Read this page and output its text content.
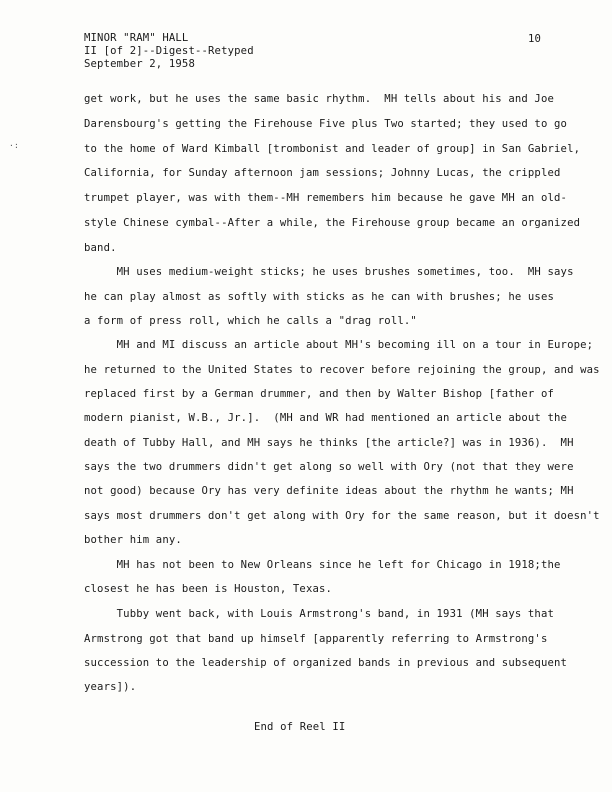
MINOR "RAM" HALL
II [of 2]--Digest--Retyped
September 2, 1958
10
·:
get work, but he uses the same basic rhythm.  MH tells about his and Joe
Darensbourg's getting the Firehouse Five plus Two started; they used to go
to the home of Ward Kimball [trombonist and leader of group] in San Gabriel,
California, for Sunday afternoon jam sessions; Johnny Lucas, the crippled
trumpet player, was with them--MH remembers him because he gave MH an old-
style Chinese cymbal--After a while, the Firehouse group became an organized
band.
MH uses medium-weight sticks; he uses brushes sometimes, too.  MH says
he can play almost as softly with sticks as he can with brushes; he uses
a form of press roll, which he calls a "drag roll."
MH and MI discuss an article about MH's becoming ill on a tour in Europe;
he returned to the United States to recover before rejoining the group, and was
replaced first by a German drummer, and then by Walter Bishop [father of
modern pianist, W.B., Jr.].  (MH and WR had mentioned an article about the
death of Tubby Hall, and MH says he thinks [the article?] was in 1936).  MH
says the two drummers didn't get along so well with Ory (not that they were
not good) because Ory has very definite ideas about the rhythm he wants; MH
says most drummers don't get along with Ory for the same reason, but it doesn't
bother him any.
MH has not been to New Orleans since he left for Chicago in 1918;the
closest he has been is Houston, Texas.
Tubby went back, with Louis Armstrong's band, in 1931 (MH says that
Armstrong got that band up himself [apparently referring to Armstrong's
succession to the leadership of organized bands in previous and subsequent
years]).
End of Reel II
